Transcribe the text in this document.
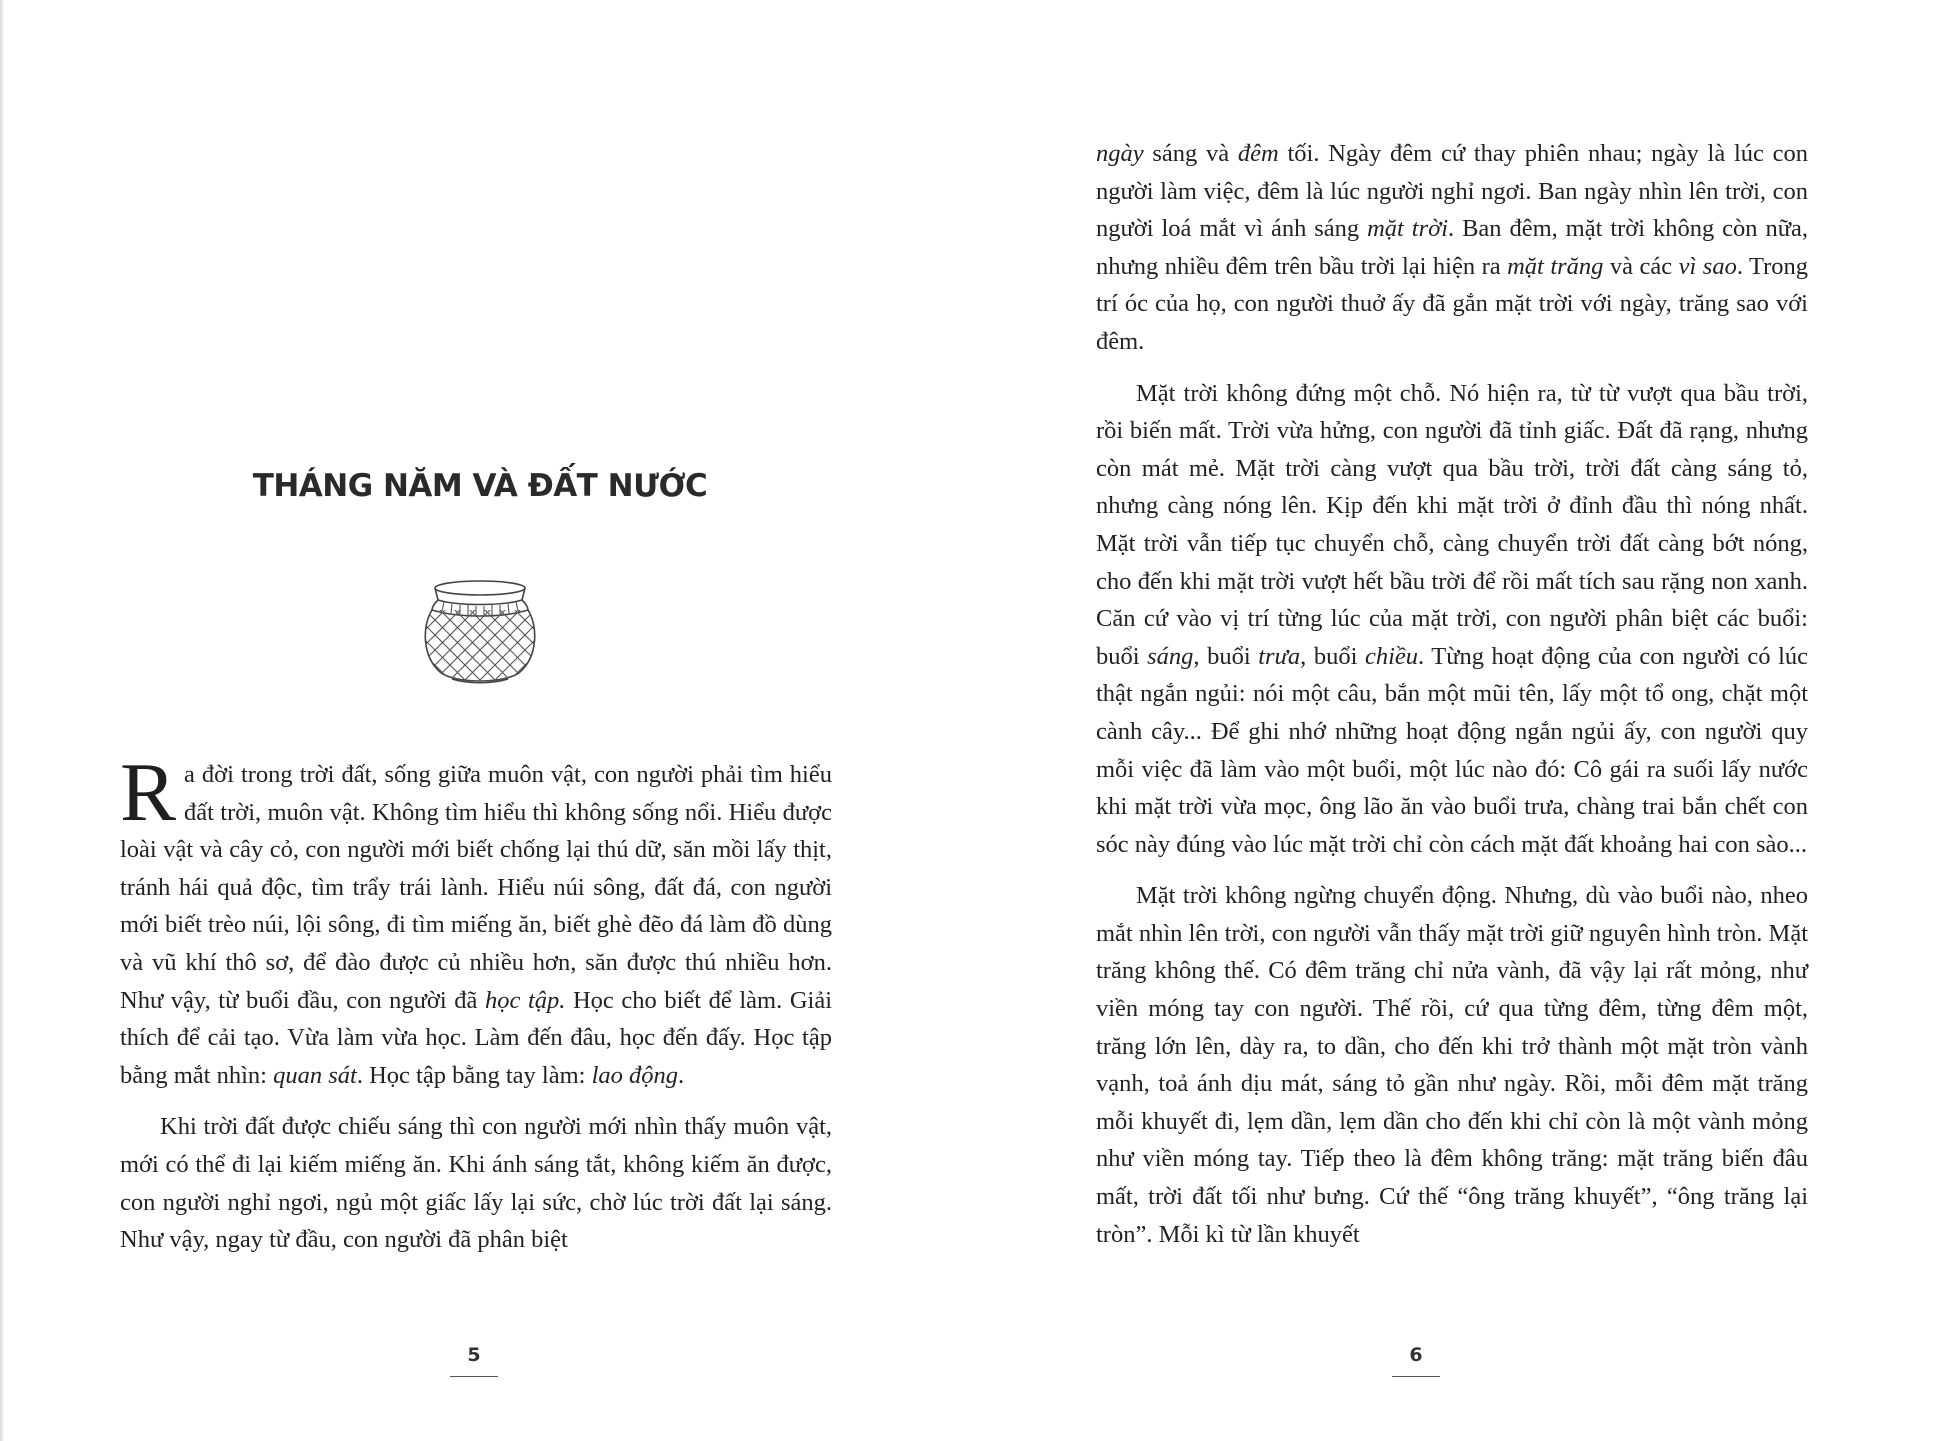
THÁNG NĂM VÀ ĐẤT NƯỚC

Ra đời trong trời đất, sống giữa muôn vật, con người phải tìm hiểu đất trời, muôn vật. Không tìm hiểu thì không sống nổi. Hiểu được loài vật và cây cỏ, con người mới biết chống lại thú dữ, săn mồi lấy thịt, tránh hái quả độc, tìm trẩy trái lành. Hiểu núi sông, đất đá, con người mới biết trèo núi, lội sông, đi tìm miếng ăn, biết ghè đẽo đá làm đồ dùng và vũ khí thô sơ, để đào được củ nhiều hơn, săn được thú nhiều hơn. Như vậy, từ buổi đầu, con người đã học tập. Học cho biết để làm. Giải thích để cải tạo. Vừa làm vừa học. Làm đến đâu, học đến đấy. Học tập bằng mắt nhìn: quan sát. Học tập bằng tay làm: lao động.

Khi trời đất được chiếu sáng thì con người mới nhìn thấy muôn vật, mới có thể đi lại kiếm miếng ăn. Khi ánh sáng tắt, không kiếm ăn được, con người nghỉ ngơi, ngủ một giấc lấy lại sức, chờ lúc trời đất lại sáng. Như vậy, ngay từ đầu, con người đã phân biệt

5

ngày sáng và đêm tối. Ngày đêm cứ thay phiên nhau; ngày là lúc con người làm việc, đêm là lúc người nghỉ ngơi. Ban ngày nhìn lên trời, con người loá mắt vì ánh sáng mặt trời. Ban đêm, mặt trời không còn nữa, nhưng nhiều đêm trên bầu trời lại hiện ra mặt trăng và các vì sao. Trong trí óc của họ, con người thuở ấy đã gắn mặt trời với ngày, trăng sao với đêm.

Mặt trời không đứng một chỗ. Nó hiện ra, từ từ vượt qua bầu trời, rồi biến mất. Trời vừa hửng, con người đã tỉnh giấc. Đất đã rạng, nhưng còn mát mẻ. Mặt trời càng vượt qua bầu trời, trời đất càng sáng tỏ, nhưng càng nóng lên. Kịp đến khi mặt trời ở đỉnh đầu thì nóng nhất. Mặt trời vẫn tiếp tục chuyển chỗ, càng chuyển trời đất càng bớt nóng, cho đến khi mặt trời vượt hết bầu trời để rồi mất tích sau rặng non xanh. Căn cứ vào vị trí từng lúc của mặt trời, con người phân biệt các buổi: buổi sáng, buổi trưa, buổi chiều. Từng hoạt động của con người có lúc thật ngắn ngủi: nói một câu, bắn một mũi tên, lấy một tổ ong, chặt một cành cây... Để ghi nhớ những hoạt động ngắn ngủi ấy, con người quy mỗi việc đã làm vào một buổi, một lúc nào đó: Cô gái ra suối lấy nước khi mặt trời vừa mọc, ông lão ăn vào buổi trưa, chàng trai bắn chết con sóc này đúng vào lúc mặt trời chỉ còn cách mặt đất khoảng hai con sào...

Mặt trời không ngừng chuyển động. Nhưng, dù vào buổi nào, nheo mắt nhìn lên trời, con người vẫn thấy mặt trời giữ nguyên hình tròn. Mặt trăng không thế. Có đêm trăng chỉ nửa vành, đã vậy lại rất mỏng, như viền móng tay con người. Thế rồi, cứ qua từng đêm, từng đêm một, trăng lớn lên, dày ra, to dần, cho đến khi trở thành một mặt tròn vành vạnh, toả ánh dịu mát, sáng tỏ gần như ngày. Rồi, mỗi đêm mặt trăng mỗi khuyết đi, lẹm dần, lẹm dần cho đến khi chỉ còn là một vành mỏng như viền móng tay. Tiếp theo là đêm không trăng: mặt trăng biến đâu mất, trời đất tối như bưng. Cứ thế “ông trăng khuyết”, “ông trăng lại tròn”. Mỗi kì từ lần khuyết

6
